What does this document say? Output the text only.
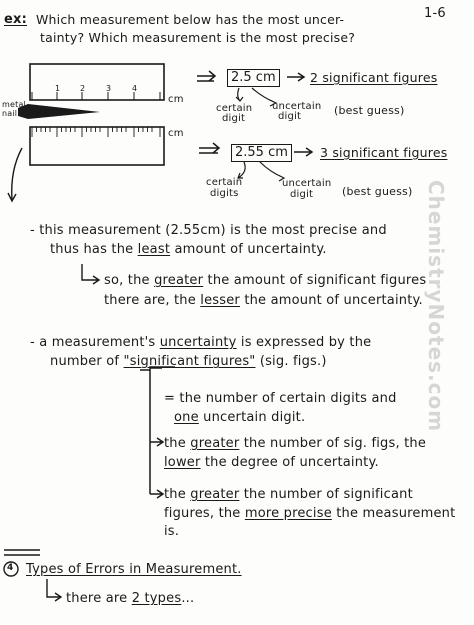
ChemistryNotes.com
1-6
ex: Which measurement below has the most uncer-
tainty? Which measurement is the most precise?
1 2	3	4
cm
metal
nail
cm
2.5 cm	2 significant figures
certain
digit
uncertain
digit	(best guess)
2.55 cm	3 significant figures
certain
digits
uncertain
digit	(best guess)
- this measurement (2.55cm) is the most precise and
thus has the least amount of uncertainty.
so, the greater the amount of significant figures
there are, the lesser the amount of uncertainty.
- a measurement's uncertainty is expressed by the
number of "significant figures" (sig. figs.)
= the number of certain digits and
one uncertain digit.
the greater the number of sig. figs, the
lower the degree of uncertainty.
the greater the number of significant
figures, the more precise the measurement
is.
4 Types of Errors in Measurement.
there are 2 types...
